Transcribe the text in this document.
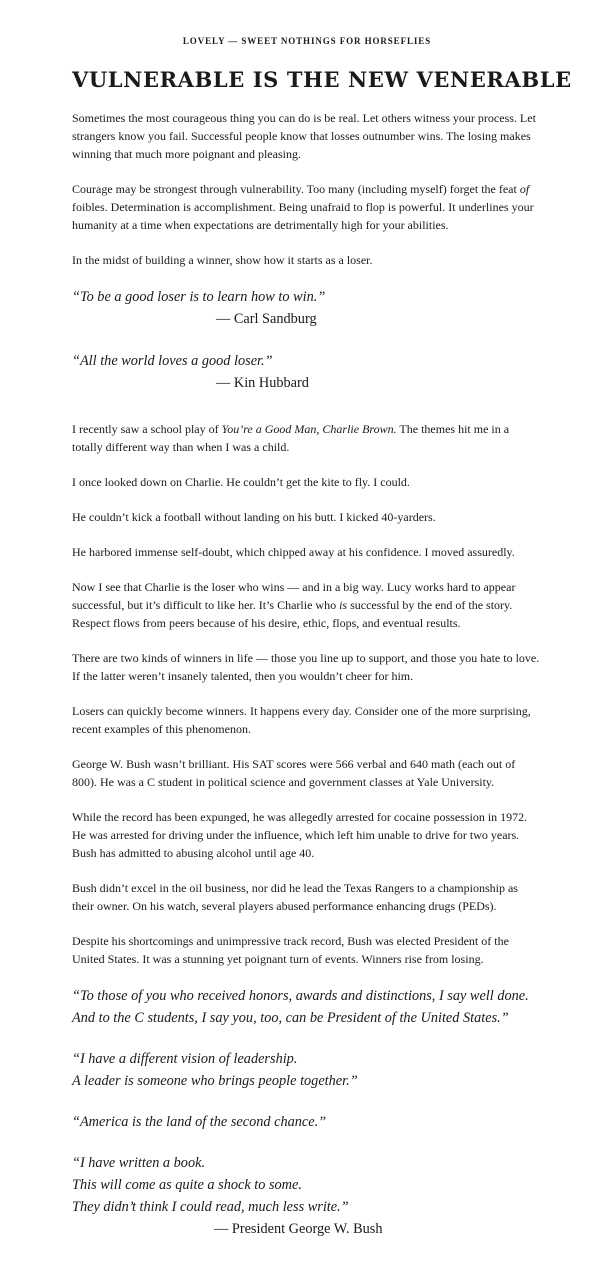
LOVELY — SWEET NOTHINGS FOR HORSEFLIES
VULNERABLE IS THE NEW VENERABLE

Sometimes the most courageous thing you can do is be real. Let others witness your process. Let strangers know you fail. Successful people know that losses outnumber wins. The losing makes winning that much more poignant and pleasing.

Courage may be strongest through vulnerability. Too many (including myself) forget the feat of foibles. Determination is accomplishment. Being unafraid to flop is powerful. It underlines your humanity at a time when expectations are detrimentally high for your abilities.

In the midst of building a winner, show how it starts as a loser.

“To be a good loser is to learn how to win.”

— Carl Sandburg

“All the world loves a good loser.”

— Kin Hubbard

I recently saw a school play of You’re a Good Man, Charlie Brown. The themes hit me in a totally different way than when I was a child.

I once looked down on Charlie. He couldn’t get the kite to fly. I could.

He couldn’t kick a football without landing on his butt. I kicked 40-yarders.

He harbored immense self-doubt, which chipped away at his confidence. I moved assuredly.

Now I see that Charlie is the loser who wins — and in a big way. Lucy works hard to appear successful, but it’s difficult to like her. It’s Charlie who is successful by the end of the story. Respect flows from peers because of his desire, ethic, flops, and eventual results.

There are two kinds of winners in life — those you line up to support, and those you hate to love. If the latter weren’t insanely talented, then you wouldn’t cheer for him.

Losers can quickly become winners. It happens every day. Consider one of the more surprising, recent examples of this phenomenon.

George W. Bush wasn’t brilliant. His SAT scores were 566 verbal and 640 math (each out of 800). He was a C student in political science and government classes at Yale University.

While the record has been expunged, he was allegedly arrested for cocaine possession in 1972. He was arrested for driving under the influence, which left him unable to drive for two years. Bush has admitted to abusing alcohol until age 40.

Bush didn’t excel in the oil business, nor did he lead the Texas Rangers to a championship as their owner. On his watch, several players abused performance enhancing drugs (PEDs).

Despite his shortcomings and unimpressive track record, Bush was elected President of the United States. It was a stunning yet poignant turn of events. Winners rise from losing.

“To those of you who received honors, awards and distinctions, I say well done.

And to the C students, I say you, too, can be President of the United States.”

“I have a different vision of leadership.

A leader is someone who brings people together.”

“America is the land of the second chance.”

“I have written a book.

This will come as quite a shock to some.

They didn’t think I could read, much less write.”

— President George W. Bush
